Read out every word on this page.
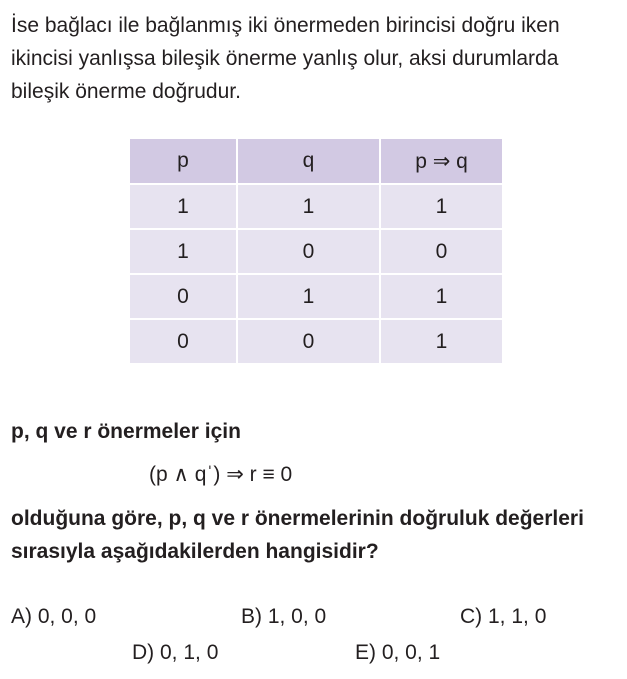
İse bağlacı ile bağlanmış iki önermeden birincisi doğru iken ikincisi yanlışsa bileşik önerme yanlış olur, aksi durumlarda bileşik önerme doğrudur.

p	q	p ⇒ q
1	1	1
1	0	0
0	1	1
0	0	1

p, q ve r önermeler için

(p ∧ qˈ) ⇒ r ≡ 0

olduğuna göre, p, q ve r önermelerinin doğruluk değerleri sırasıyla aşağıdakilerden hangisidir?

A) 0, 0, 0	B) 1, 0, 0	C) 1, 1, 0

D) 0, 1, 0	E) 0, 0, 1
